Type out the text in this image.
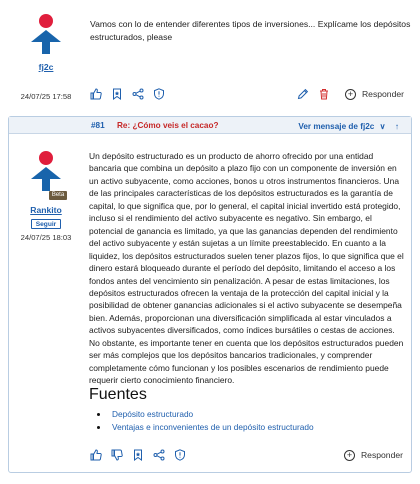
fj2c
24/07/25 17:58
Vamos con lo de entender diferentes tipos de inversiones... Explícame los depósitos
estructurados, please
+	Responder
#81 Re: ¿Cómo veis el cacao?	Ver mensaje de fj2c ∨ ↑
Beta
Rankito
Seguir
24/07/25 18:03
Un depósito estructurado es un producto de ahorro ofrecido por una entidad
bancaria que combina un depósito a plazo fijo con un componente de inversión en
un activo subyacente, como acciones, bonos u otros instrumentos financieros. Una
de las principales características de los depósitos estructurados es la garantía de
capital, lo que significa que, por lo general, el capital inicial invertido está protegido,
incluso si el rendimiento del activo subyacente es negativo. Sin embargo, el
potencial de ganancia es limitado, ya que las ganancias dependen del rendimiento
del activo subyacente y están sujetas a un límite preestablecido. En cuanto a la
liquidez, los depósitos estructurados suelen tener plazos fijos, lo que significa que el
dinero estará bloqueado durante el período del depósito, limitando el acceso a los
fondos antes del vencimiento sin penalización. A pesar de estas limitaciones, los
depósitos estructurados ofrecen la ventaja de la protección del capital inicial y la
posibilidad de obtener ganancias adicionales si el activo subyacente se desempeña
bien. Además, proporcionan una diversificación simplificada al estar vinculados a
activos subyacentes diversificados, como índices bursátiles o cestas de acciones.
No obstante, es importante tener en cuenta que los depósitos estructurados pueden
ser más complejos que los depósitos bancarios tradicionales, y comprender
completamente cómo funcionan y los posibles escenarios de rendimiento puede
requerir cierto conocimiento financiero.
Fuentes
Depósito estructurado
Ventajas e inconvenientes de un depósito estructurado
+	Responder
